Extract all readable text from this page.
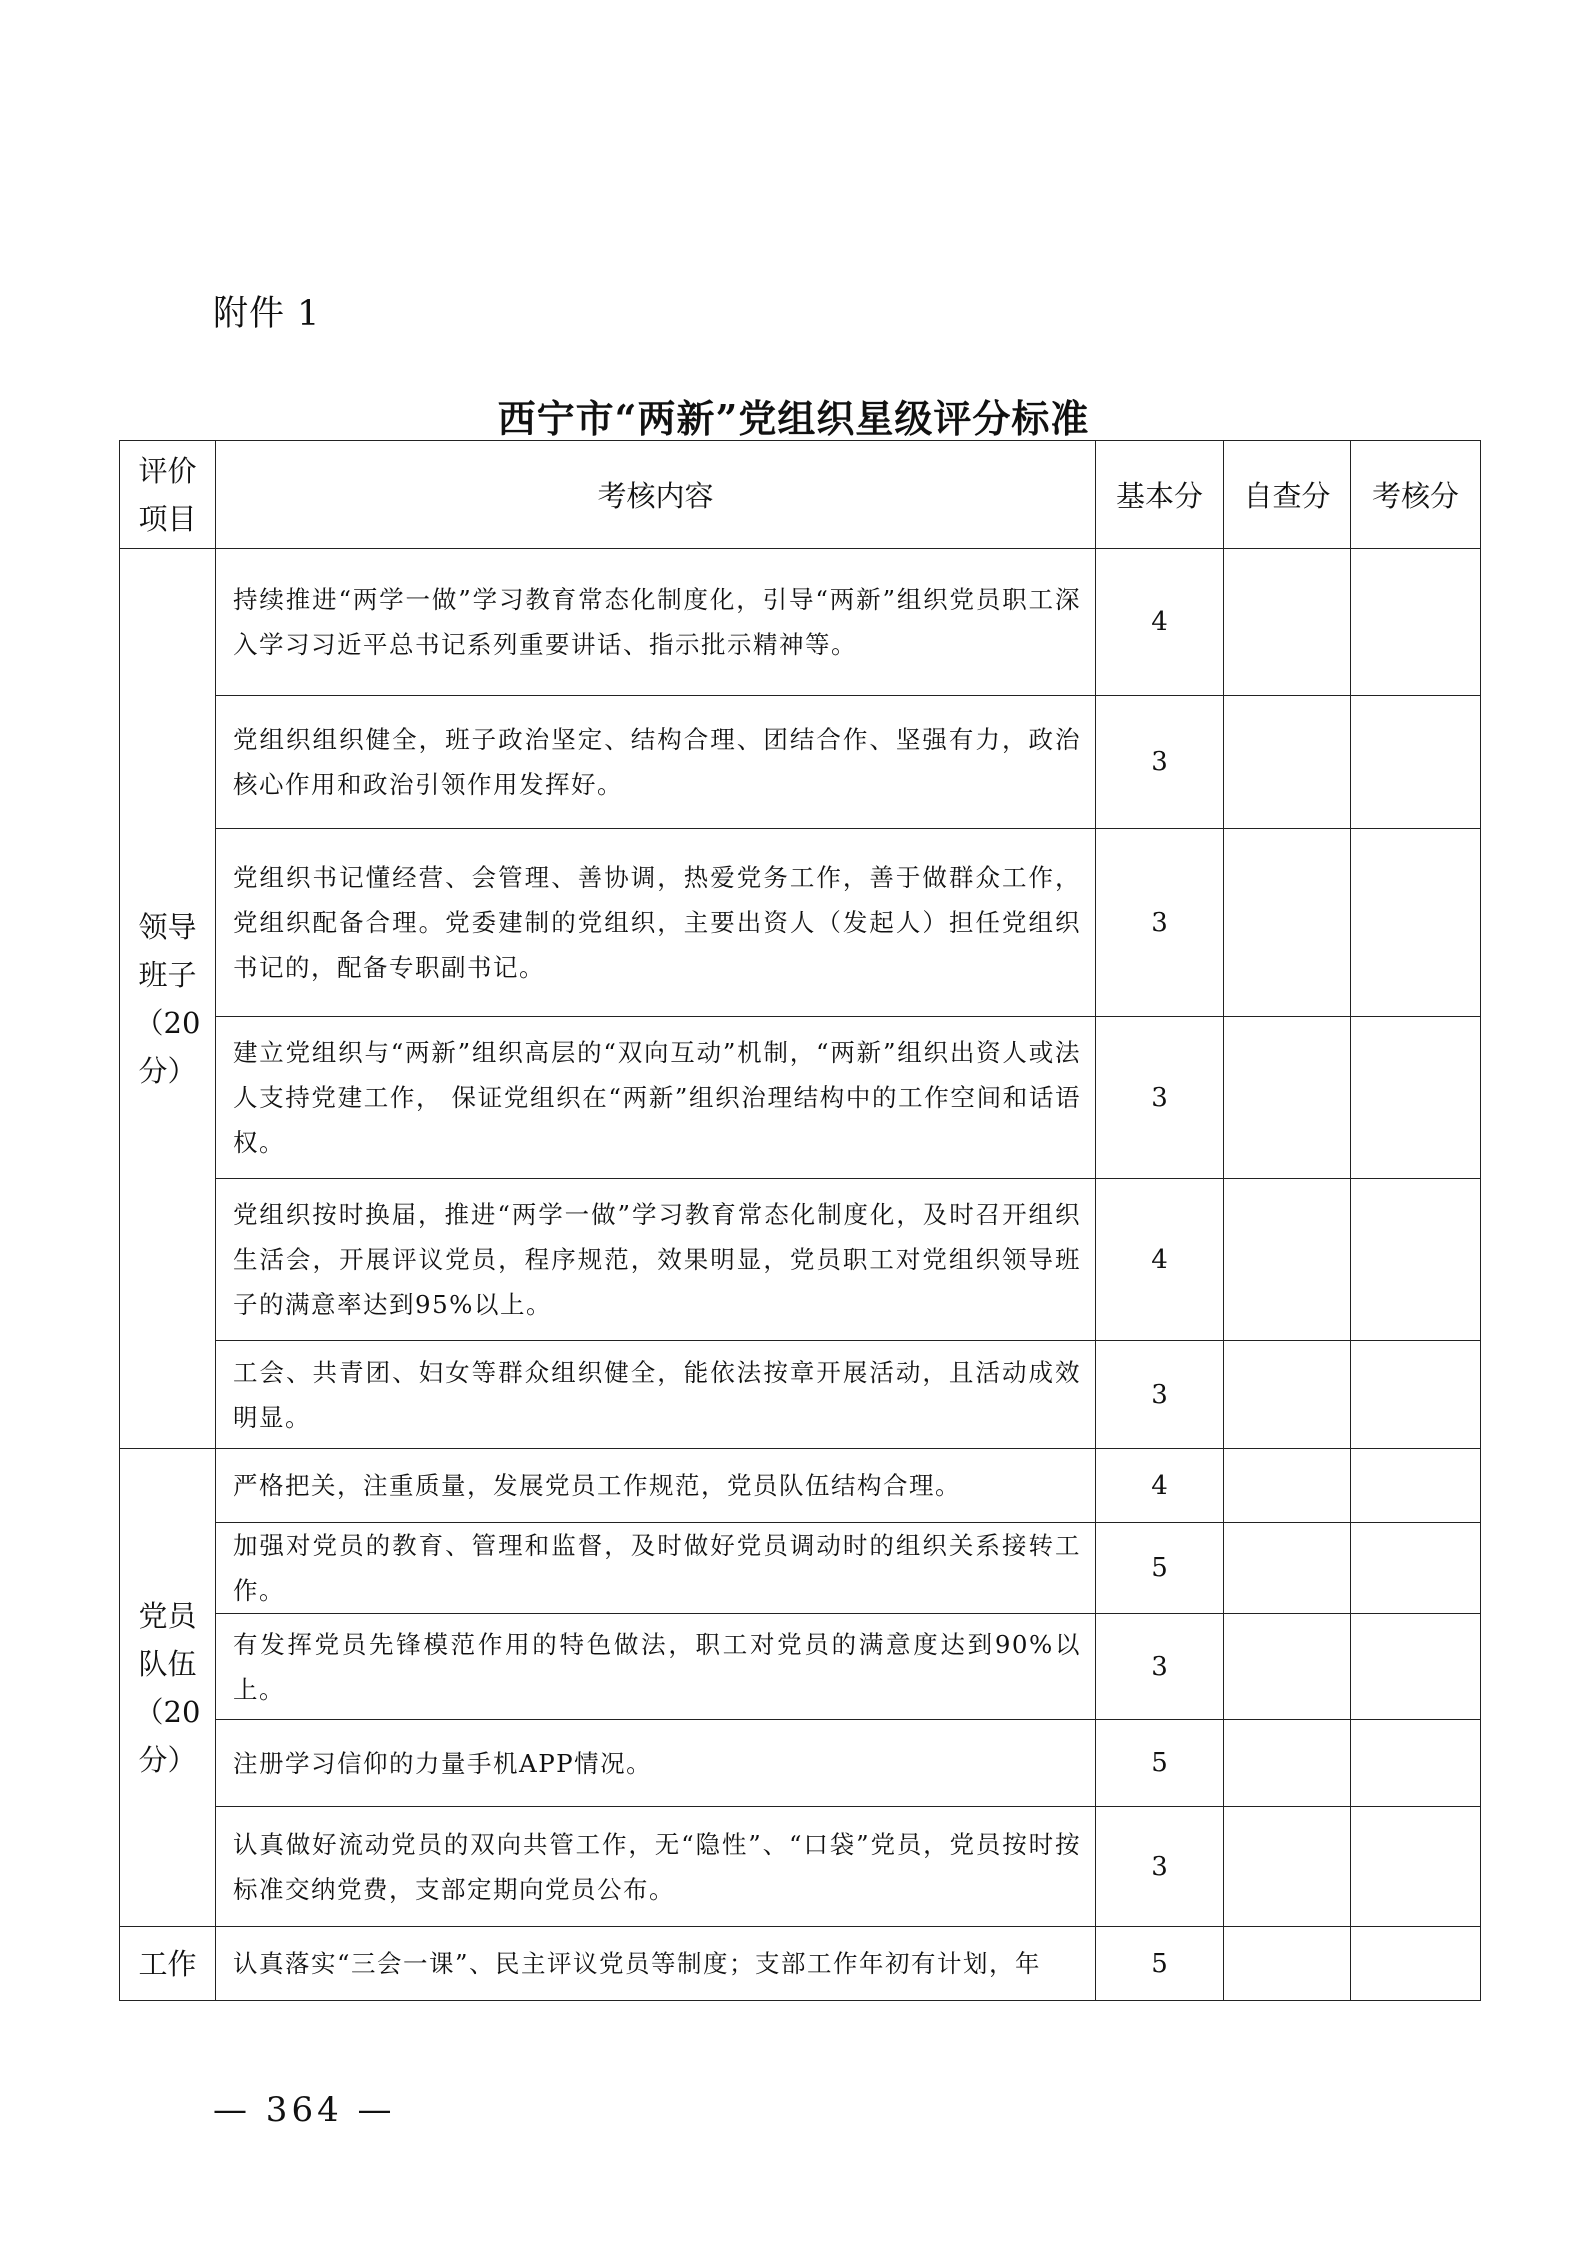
附件 1
西宁市“两新”党组织星级评分标准
评价
项目	考核内容	基本分	自查分	考核分

领导
班子
（20
分）	持续推进“两学一做”学习教育常态化制度化，引导“两新”组织党员职工深入学习习近平总书记系列重要讲话、指示批示精神等。	4		
	党组织组织健全，班子政治坚定、结构合理、团结合作、坚强有力，政治核心作用和政治引领作用发挥好。	3		
	党组织书记懂经营、会管理、善协调，热爱党务工作，善于做群众工作，党组织配备合理。党委建制的党组织，主要出资人（发起人）担任党组织书记的，配备专职副书记。	3		
	建立党组织与“两新”组织高层的“双向互动”机制，“两新”组织出资人或法人支持党建工作， 保证党组织在“两新”组织治理结构中的工作空间和话语权。	3		
	党组织按时换届，推进“两学一做”学习教育常态化制度化，及时召开组织生活会，开展评议党员，程序规范，效果明显，党员职工对党组织领导班子的满意率达到95%以上。	4		
	工会、共青团、妇女等群众组织健全，能依法按章开展活动，且活动成效明显。	3		

党员
队伍
（20
分）	严格把关，注重质量，发展党员工作规范，党员队伍结构合理。	4		
	加强对党员的教育、管理和监督，及时做好党员调动时的组织关系接转工作。	5		
	有发挥党员先锋模范作用的特色做法，职工对党员的满意度达到90%以上。	3		
	注册学习信仰的力量手机APP情况。	5		
	认真做好流动党员的双向共管工作，无“隐性”、“口袋”党员，党员按时按标准交纳党费，支部定期向党员公布。	3		

工作	认真落实“三会一课”、民主评议党员等制度；支部工作年初有计划，年	5		
— 364 —
